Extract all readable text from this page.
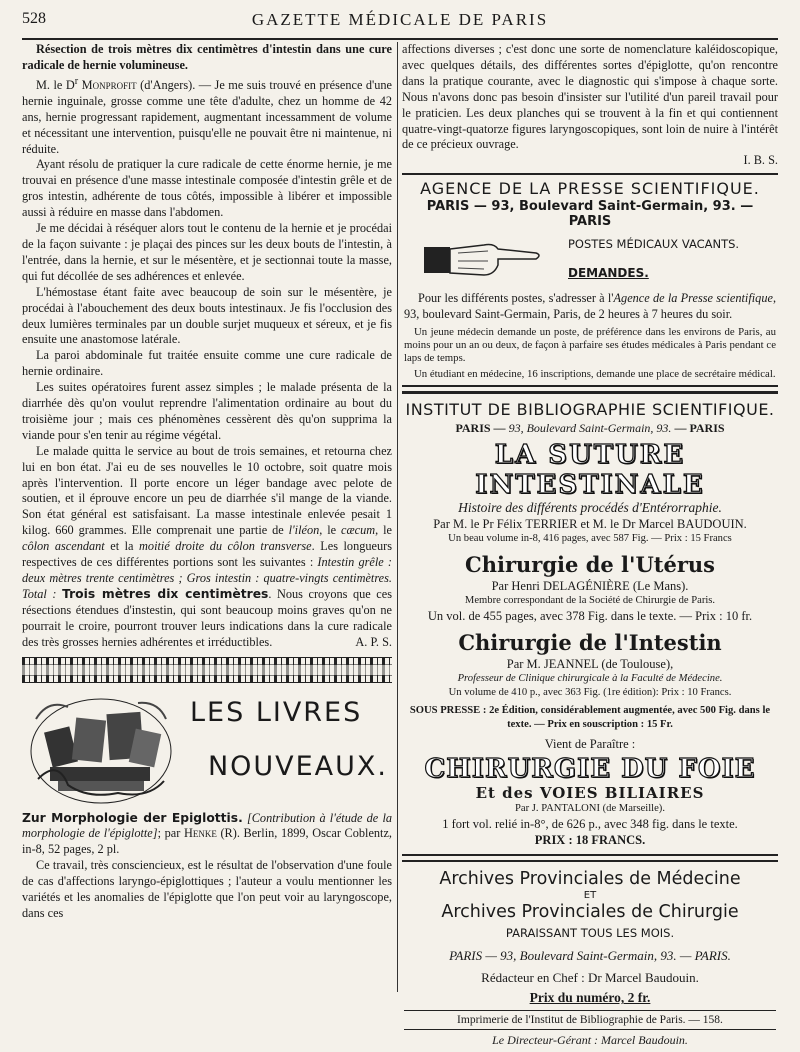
528	GAZETTE MÉDICALE DE PARIS

Résection de trois mètres dix centimètres d'intestin dans une cure radicale de hernie volumineuse.

M. le $D^r$ Monprofit (d'Angers). — Je me suis trouvé en présence d'une hernie inguinale, grosse comme une tête d'adulte, chez un homme de 42 ans, hernie progressant rapidement, augmentant incessamment de volume et nécessitant une intervention, puisqu'elle ne pouvait être ni maintenue, ni réduite.

Ayant résolu de pratiquer la cure radicale de cette énorme hernie, je me trouvai en présence d'une masse intestinale composée d'intestin grêle et de gros intestin, adhérente de tous côtés, impossible à libérer et impossible aussi à réduire en masse dans l'abdomen.

Je me décidai à réséquer alors tout le contenu de la hernie et je procédai de la façon suivante : je plaçai des pinces sur les deux bouts de l'intestin, à l'entrée, dans la hernie, et sur le mésentère, et je sectionnai toute la masse, qui fut décollée de ses adhérences et enlevée.

L'hémostase étant faite avec beaucoup de soin sur le mésentère, je procédai à l'abouchement des deux bouts intestinaux. Je fis l'occlusion des deux lumières terminales par un double surjet muqueux et séreux, et je fis ensuite une anastomose latérale.

La paroi abdominale fut traitée ensuite comme une cure radicale de hernie ordinaire.

Les suites opératoires furent assez simples ; le malade présenta de la diarrhée dès qu'on voulut reprendre l'alimentation ordinaire au bout du troisième jour ; mais ces phénomènes cessèrent dès qu'on supprima la viande pour s'en tenir au régime végétal.

Le malade quitta le service au bout de trois semaines, et retourna chez lui en bon état. J'ai eu de ses nouvelles le 10 octobre, soit quatre mois après l'intervention. Il porte encore un léger bandage avec pelote de soutien, et il éprouve encore un peu de diarrhée s'il mange de la viande. Son état général est satisfaisant. La masse intestinale enlevée pesait 1 kilog. 660 grammes. Elle comprenait une partie de l'iléon, le cæcum, le côlon ascendant et la moitié droite du côlon transverse. Les longueurs respectives de ces différentes portions sont les suivantes : Intestin grêle : deux mètres trente centimètres ; Gros intestin : quatre-vingts centimètres. Total : Trois mètres dix centimètres. Nous croyons que ces résections étendues d'instestin, qui sont beaucoup moins graves qu'on ne pourrait le croire, pourront trouver leurs indications dans la cure radicale des très grosses hernies adhérentes et irréductibles.	A. P. S.

LES LIVRES
NOUVEAUX.

Zur Morphologie der Epiglottis. [Contribution à l'étude de la morphologie de l'épiglotte]; par Henke (R). Berlin, 1899, Oscar Coblentz, in-8, 52 pages, 2 pl.

Ce travail, très consciencieux, est le résultat de l'observation d'une foule de cas d'affections laryngo-épiglottiques ; l'auteur a voulu mentionner les variétés et les anomalies de l'épiglotte que l'on peut voir au laryngoscope, dans ces

affections diverses ; c'est donc une sorte de nomenclature kaléidoscopique, avec quelques détails, des différentes sortes d'épiglotte, qu'on rencontre dans la pratique courante, avec le diagnostic qui s'impose à chaque sorte. Nous n'avons donc pas besoin d'insister sur l'utilité d'un pareil travail pour le praticien. Les deux planches qui se trouvent à la fin et qui contiennent quatre-vingt-quatorze figures laryngoscopiques, sont loin de nuire à l'intérêt de ce précieux ouvrage.
I. B. S.

AGENCE DE LA PRESSE SCIENTIFIQUE.
PARIS — 93, Boulevard Saint-Germain, 93. — PARIS
POSTES MÉDICAUX VACANTS.
DEMANDES.

Pour les différents postes, s'adresser à l'Agence de la Presse scientifique, 93, boulevard Saint-Germain, Paris, de 2 heures à 7 heures du soir.

Un jeune médecin demande un poste, de préférence dans les environs de Paris, au moins pour un an ou deux, de façon à parfaire ses études médicales à Paris pendant ce laps de temps.

Un étudiant en médecine, 16 inscriptions, demande une place de secrétaire médical.

INSTITUT DE BIBLIOGRAPHIE SCIENTIFIQUE.
PARIS — 93, Boulevard Saint-Germain, 93. — PARIS
LA SUTURE INTESTINALE
Histoire des différents procédés d'Entérorraphie.
Par M. le Pr Félix TERRIER et M. le Dr Marcel BAUDOUIN.
Un beau volume in-8, 416 pages, avec 587 Fig. — Prix : 15 Francs
Chirurgie de l'Utérus
Par Henri DELAGÉNIÈRE (Le Mans).
Membre correspondant de la Société de Chirurgie de Paris.
Un vol. de 455 pages, avec 378 Fig. dans le texte. — Prix : 10 fr.
Chirurgie de l'Intestin
Par M. JEANNEL (de Toulouse),
Professeur de Clinique chirurgicale à la Faculté de Médecine.
Un volume de 410 p., avec 363 Fig. (1re édition): Prix : 10 Francs.
SOUS PRESSE : 2e Édition, considérablement augmentée, avec 500 Fig. dans le texte. — Prix en souscription : 15 Fr.
Vient de Paraître :
CHIRURGIE DU FOIE
Et des VOIES BILIAIRES
Par J. PANTALONI (de Marseille).
1 fort vol. relié in-8°, de 626 p., avec 348 fig. dans le texte.
PRIX : 18 FRANCS.
Archives Provinciales de Médecine
ET
Archives Provinciales de Chirurgie
PARAISSANT TOUS LES MOIS.
PARIS — 93, Boulevard Saint-Germain, 93. — PARIS.
Rédacteur en Chef : Dr Marcel Baudouin.
Prix du numéro, 2 fr.
Imprimerie de l'Institut de Bibliographie de Paris. — 158.
Le Directeur-Gérant : Marcel Baudouin.
